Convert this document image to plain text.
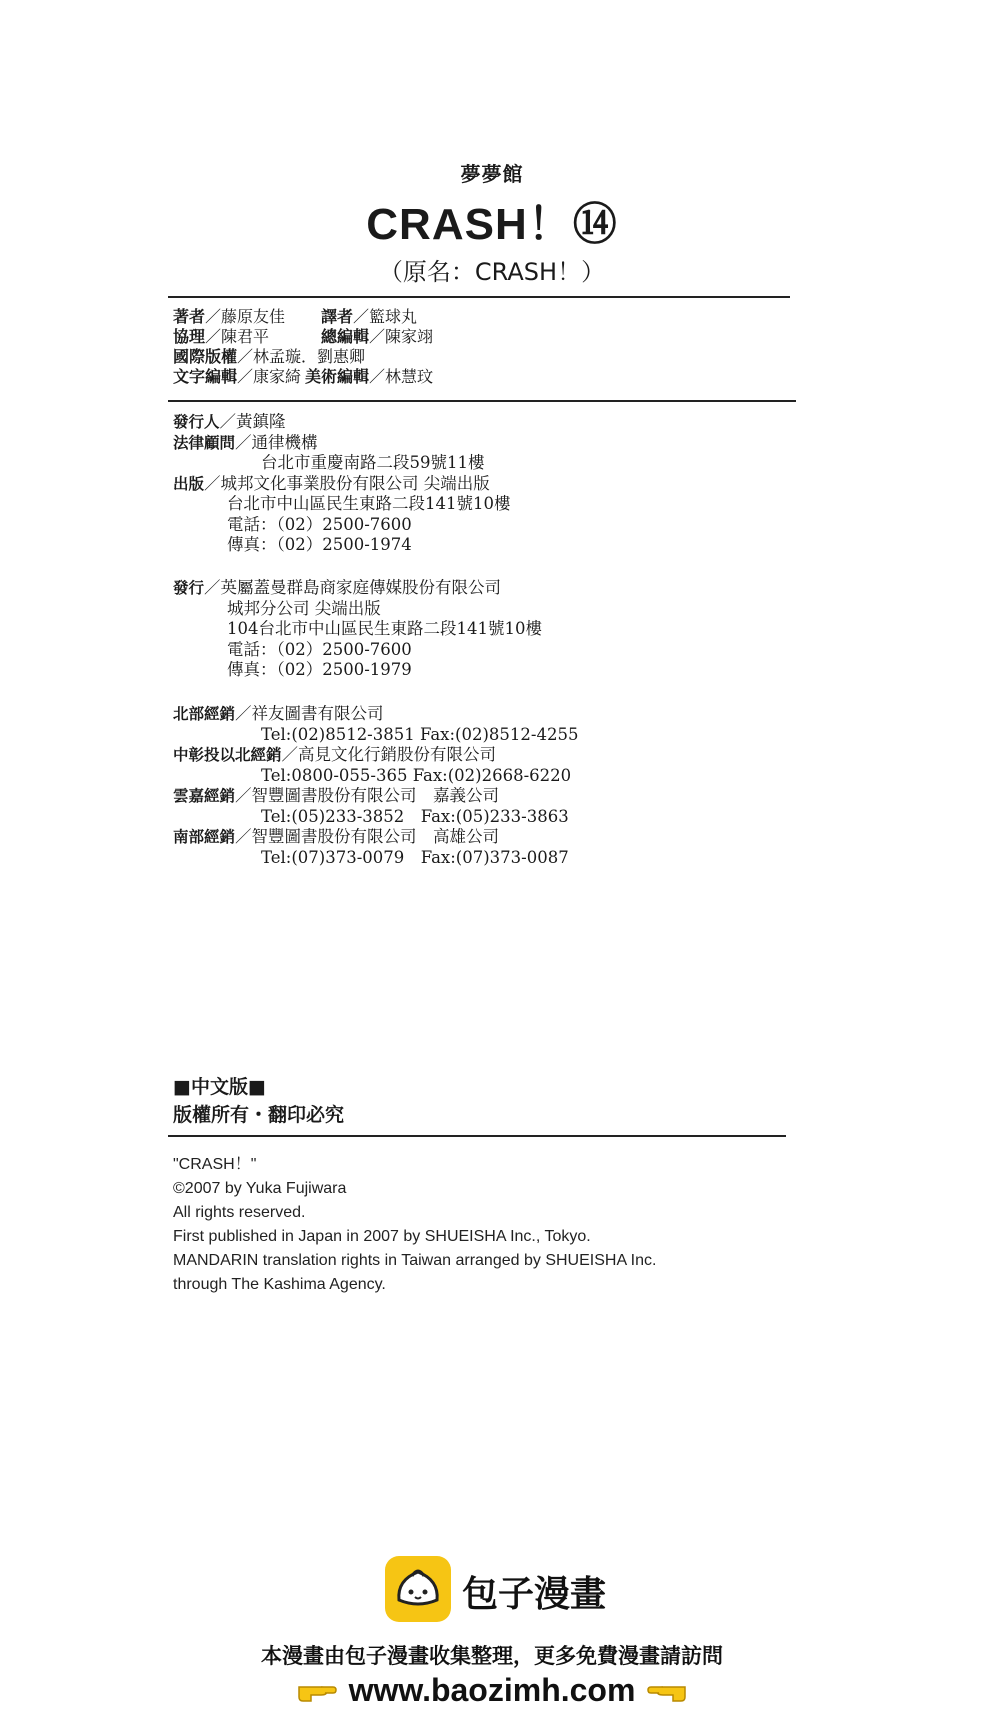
夢夢館
CRASH！⑭
（原名：CRASH！）
著者／藤原友佳 譯者／籃球丸
協理／陳君平	總編輯／陳家翊
國際版權／林孟璇．劉惠卿
文字編輯／康家綺 美術編輯／林慧玟
發行人／黃鎮隆
法律顧問／通律機構
台北市重慶南路二段59號11樓
出版／城邦文化事業股份有限公司 尖端出版
台北市中山區民生東路二段141號10樓
電話：（02）2500-7600
傳真：（02）2500-1974
發行／英屬蓋曼群島商家庭傳媒股份有限公司
城邦分公司 尖端出版
104台北市中山區民生東路二段141號10樓
電話：（02）2500-7600
傳真：（02）2500-1979
北部經銷／祥友圖書有限公司
Tel:(02)8512-3851 Fax:(02)8512-4255
中彰投以北經銷／高見文化行銷股份有限公司
Tel:0800-055-365 Fax:(02)2668-6220
雲嘉經銷／智豐圖書股份有限公司　嘉義公司
Tel:(05)233-3852　Fax:(05)233-3863
南部經銷／智豐圖書股份有限公司　高雄公司
Tel:(07)373-0079　Fax:(07)373-0087
■中文版■
版權所有・翻印必究
"CRASH！"
©2007 by Yuka Fujiwara
All rights reserved.
First published in Japan in 2007 by SHUEISHA Inc., Tokyo.
MANDARIN translation rights in Taiwan arranged by SHUEISHA Inc.
through The Kashima Agency.
包子漫畫
本漫畫由包子漫畫收集整理，更多免費漫畫請訪問
www.baozimh.com
